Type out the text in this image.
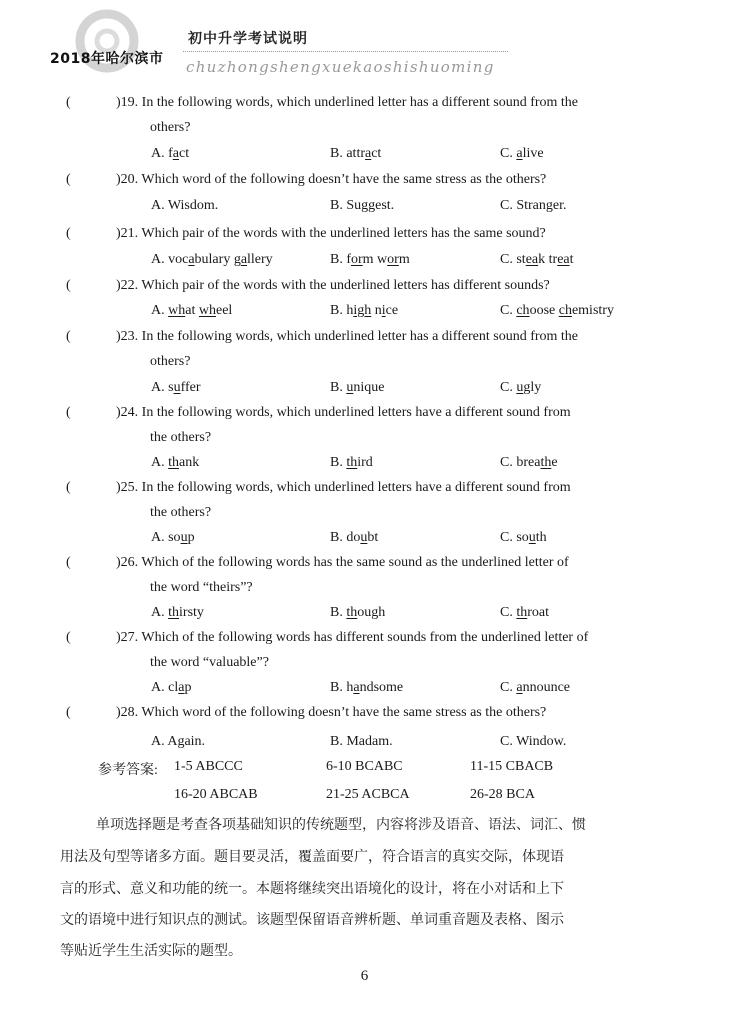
2018年哈尔滨市
初中升学考试说明
chuzhongshengxuekaoshishuoming
(	)19. In the following words, which underlined letter has a different sound from the
others?
A. fact	B. attract	C. alive
(	)20. Which word of the following doesn’t have the same stress as the others?
A. Wisdom.	B. Suggest.	C. Stranger.
(	)21. Which pair of the words with the underlined letters has the same sound?
A. vocabulary gallery	B. form worm	C. steak treat
(	)22. Which pair of the words with the underlined letters has different sounds?
A. what wheel	B. high nice	C. choose chemistry
(	)23. In the following words, which underlined letter has a different sound from the
others?
A. suffer	B. unique	C. ugly
(	)24. In the following words, which underlined letters have a different sound from
the others?
A. thank	B. third	C. breathe
(	)25. In the following words, which underlined letters have a different sound from
the others?
A. soup	B. doubt	C. south
(	)26. Which of the following words has the same sound as the underlined letter of
the word “theirs”?
A. thirsty	B. though	C. throat
(	)27. Which of the following words has different sounds from the underlined letter of
the word “valuable”?
A. clap	B. handsome	C. announce
(	)28. Which word of the following doesn’t have the same stress as the others?
A. Again.	B. Madam.	C. Window.
参考答案: 1-5 ABCCC	6-10 BCABC	11-15 CBACB
16-20 ABCAB	21-25 ACBCA	26-28 BCA
单项选择题是考查各项基础知识的传统题型，内容将涉及语音、语法、词汇、惯
用法及句型等诸多方面。题目要灵活，覆盖面要广，符合语言的真实交际，体现语
言的形式、意义和功能的统一。本题将继续突出语境化的设计，将在小对话和上下
文的语境中进行知识点的测试。该题型保留语音辨析题、单词重音题及表格、图示
等贴近学生生活实际的题型。
6
